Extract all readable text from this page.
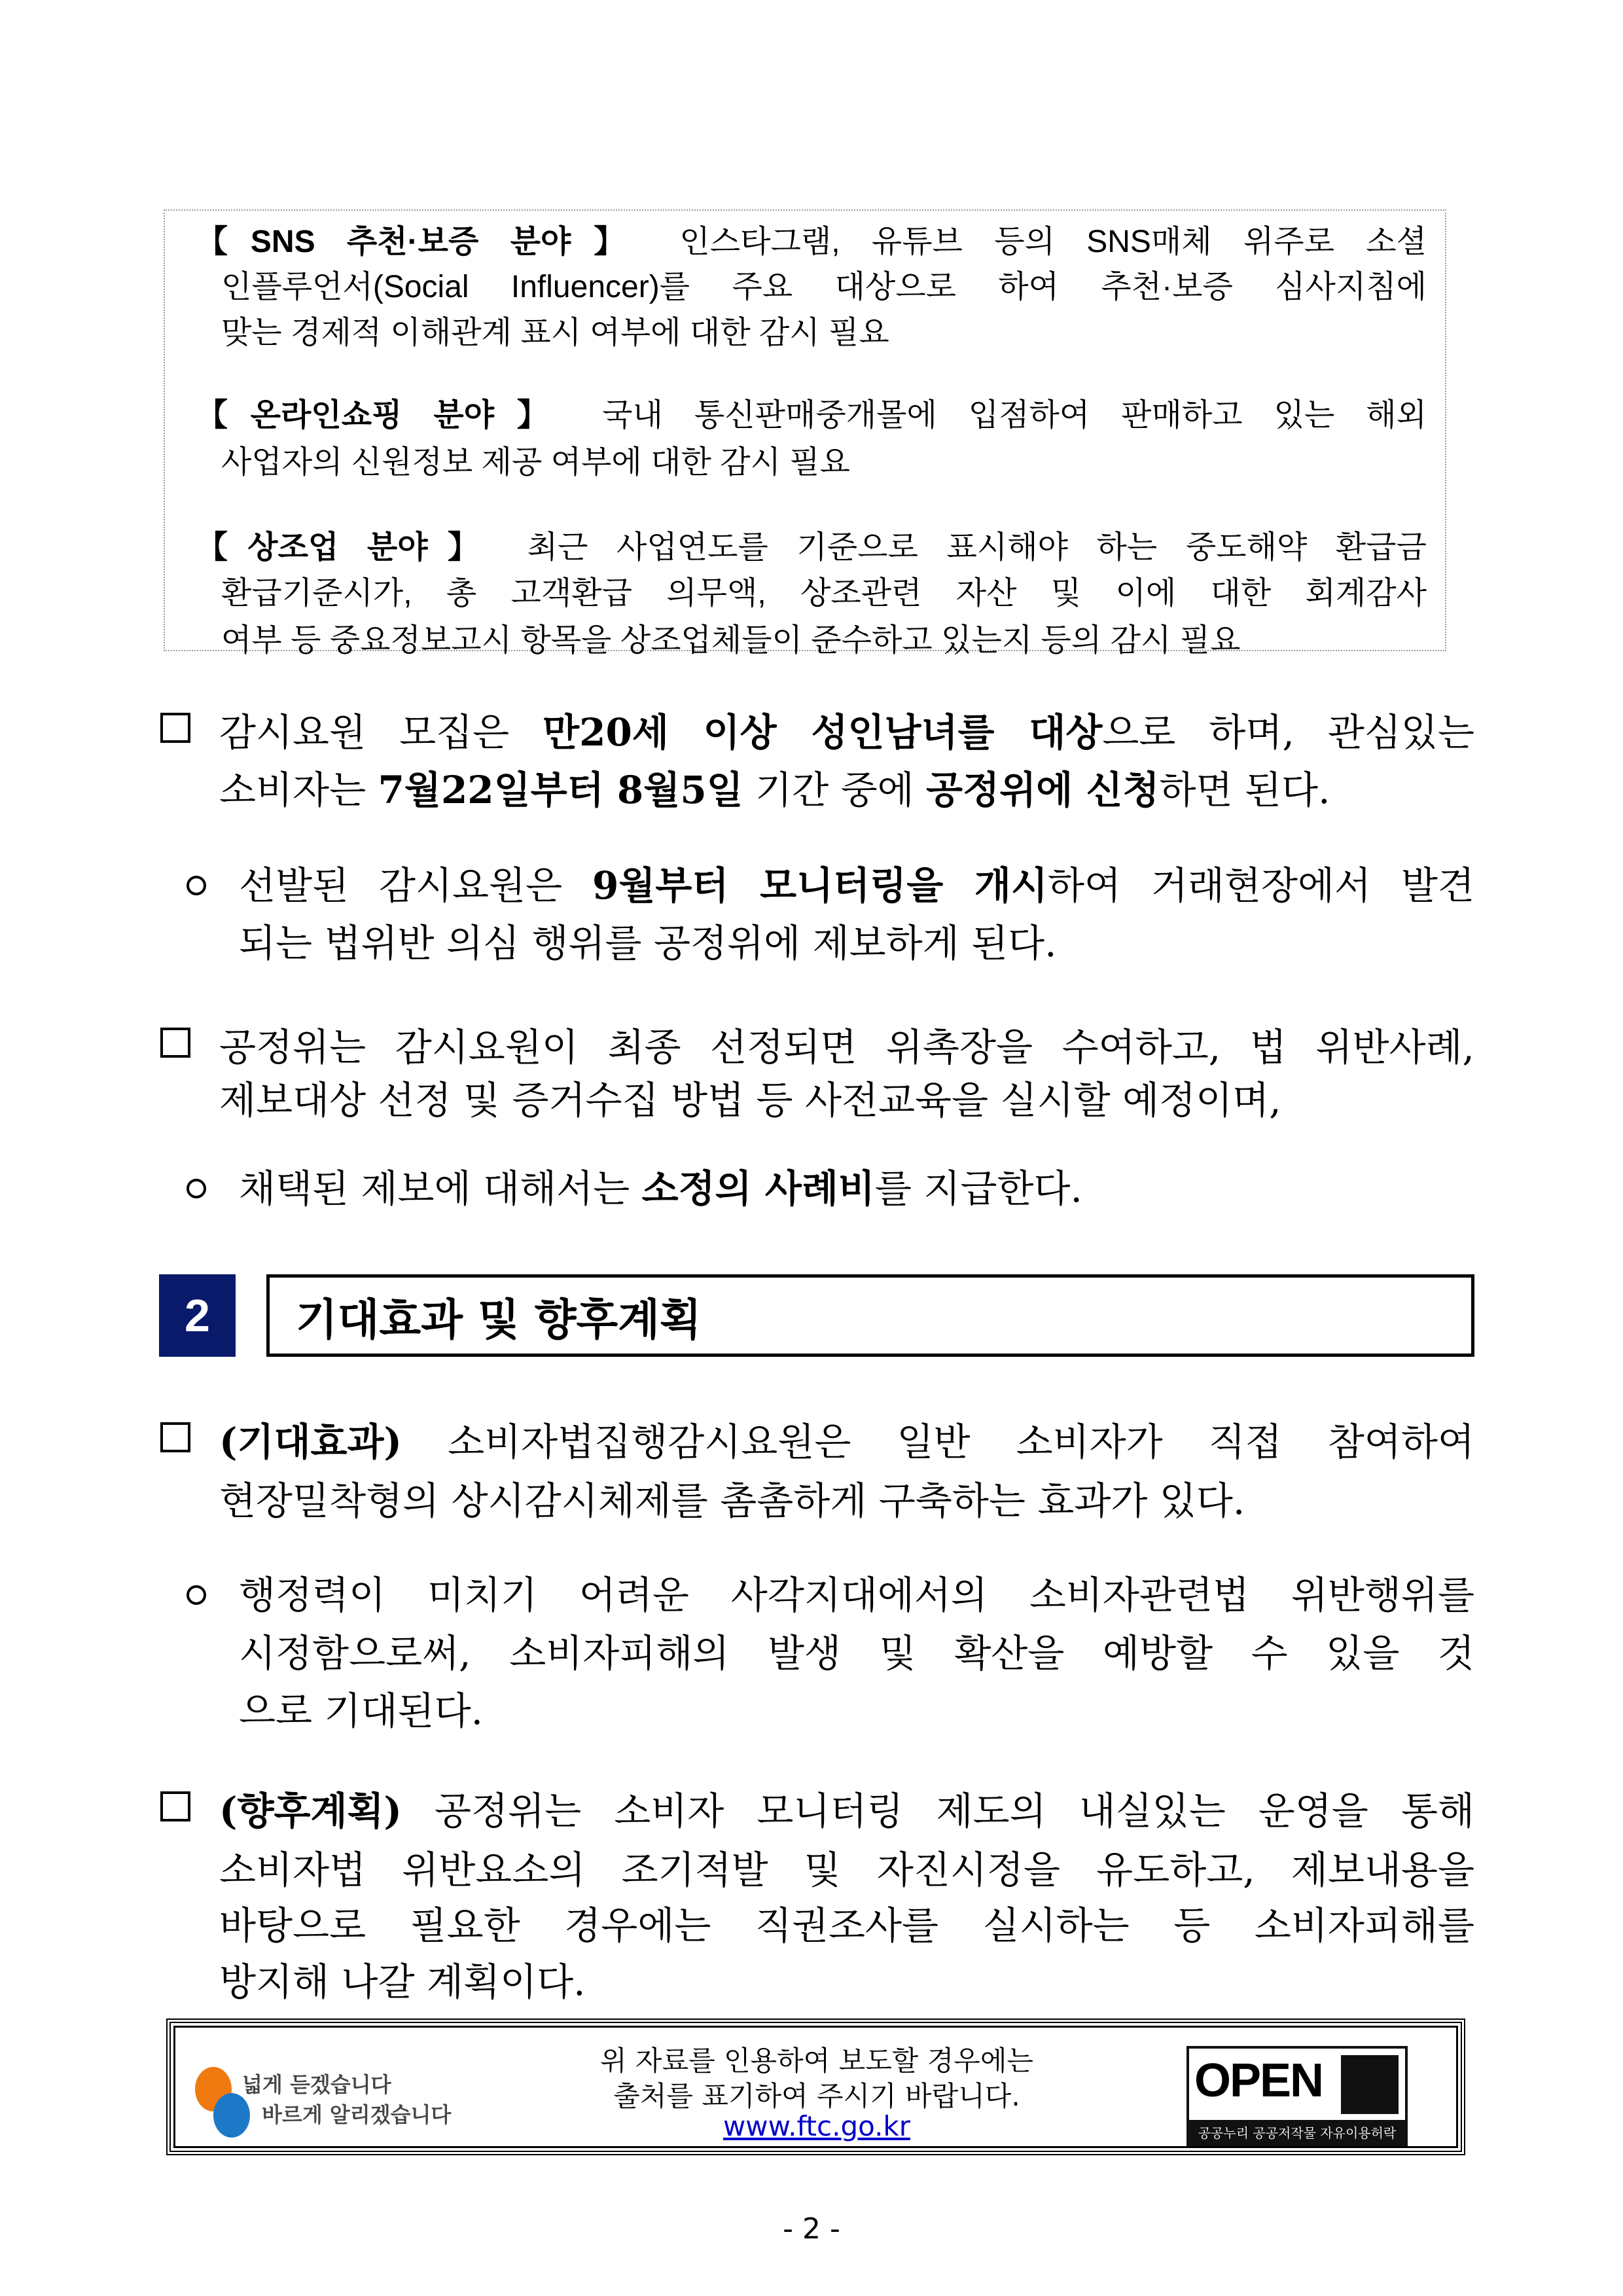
2	기대효과 및 향후계획
넓게 듣겠습니다
바르게 알리겠습니다
위 자료를 인용하여 보도할 경우에는
출처를 표기하여 주시기 바랍니다.
www.ftc.go.kr
OPEN
공공누리 공공저작물 자유이용허락
- 2 -
【SNS 추천·보증 분야】 인스타그램, 유튜브 등의 SNS매체 위주로 소셜
인플루언서(Social Influencer)를 주요 대상으로 하여 추천·보증 심사지침에
맞는 경제적 이해관계 표시 여부에 대한 감시 필요
【온라인쇼핑 분야】 국내 통신판매중개몰에 입점하여 판매하고 있는 해외
사업자의 신원정보 제공 여부에 대한 감시 필요
【상조업 분야】 최근 사업연도를 기준으로 표시해야 하는 중도해약 환급금
환급기준시가, 총 고객환급 의무액, 상조관련 자산 및 이에 대한 회계감사
여부 등 중요정보고시 항목을 상조업체들이 준수하고 있는지 등의 감시 필요
감시요원 모집은 만20세 이상 성인남녀를 대상으로 하며, 관심있는
소비자는 7월22일부터 8월5일 기간 중에 공정위에 신청하면 된다.
선발된 감시요원은 9월부터 모니터링을 개시하여 거래현장에서 발견
되는 법위반 의심 행위를 공정위에 제보하게 된다.
공정위는 감시요원이 최종 선정되면 위촉장을 수여하고, 법 위반사례,
제보대상 선정 및 증거수집 방법 등 사전교육을 실시할 예정이며,
채택된 제보에 대해서는 소정의 사례비를 지급한다.
(기대효과) 소비자법집행감시요원은 일반 소비자가 직접 참여하여
현장밀착형의 상시감시체제를 촘촘하게 구축하는 효과가 있다.
행정력이 미치기 어려운 사각지대에서의 소비자관련법 위반행위를
시정함으로써, 소비자피해의 발생 및 확산을 예방할 수 있을 것
으로 기대된다.
(향후계획) 공정위는 소비자 모니터링 제도의 내실있는 운영을 통해
소비자법 위반요소의 조기적발 및 자진시정을 유도하고, 제보내용을
바탕으로 필요한 경우에는 직권조사를 실시하는 등 소비자피해를
방지해 나갈 계획이다.
